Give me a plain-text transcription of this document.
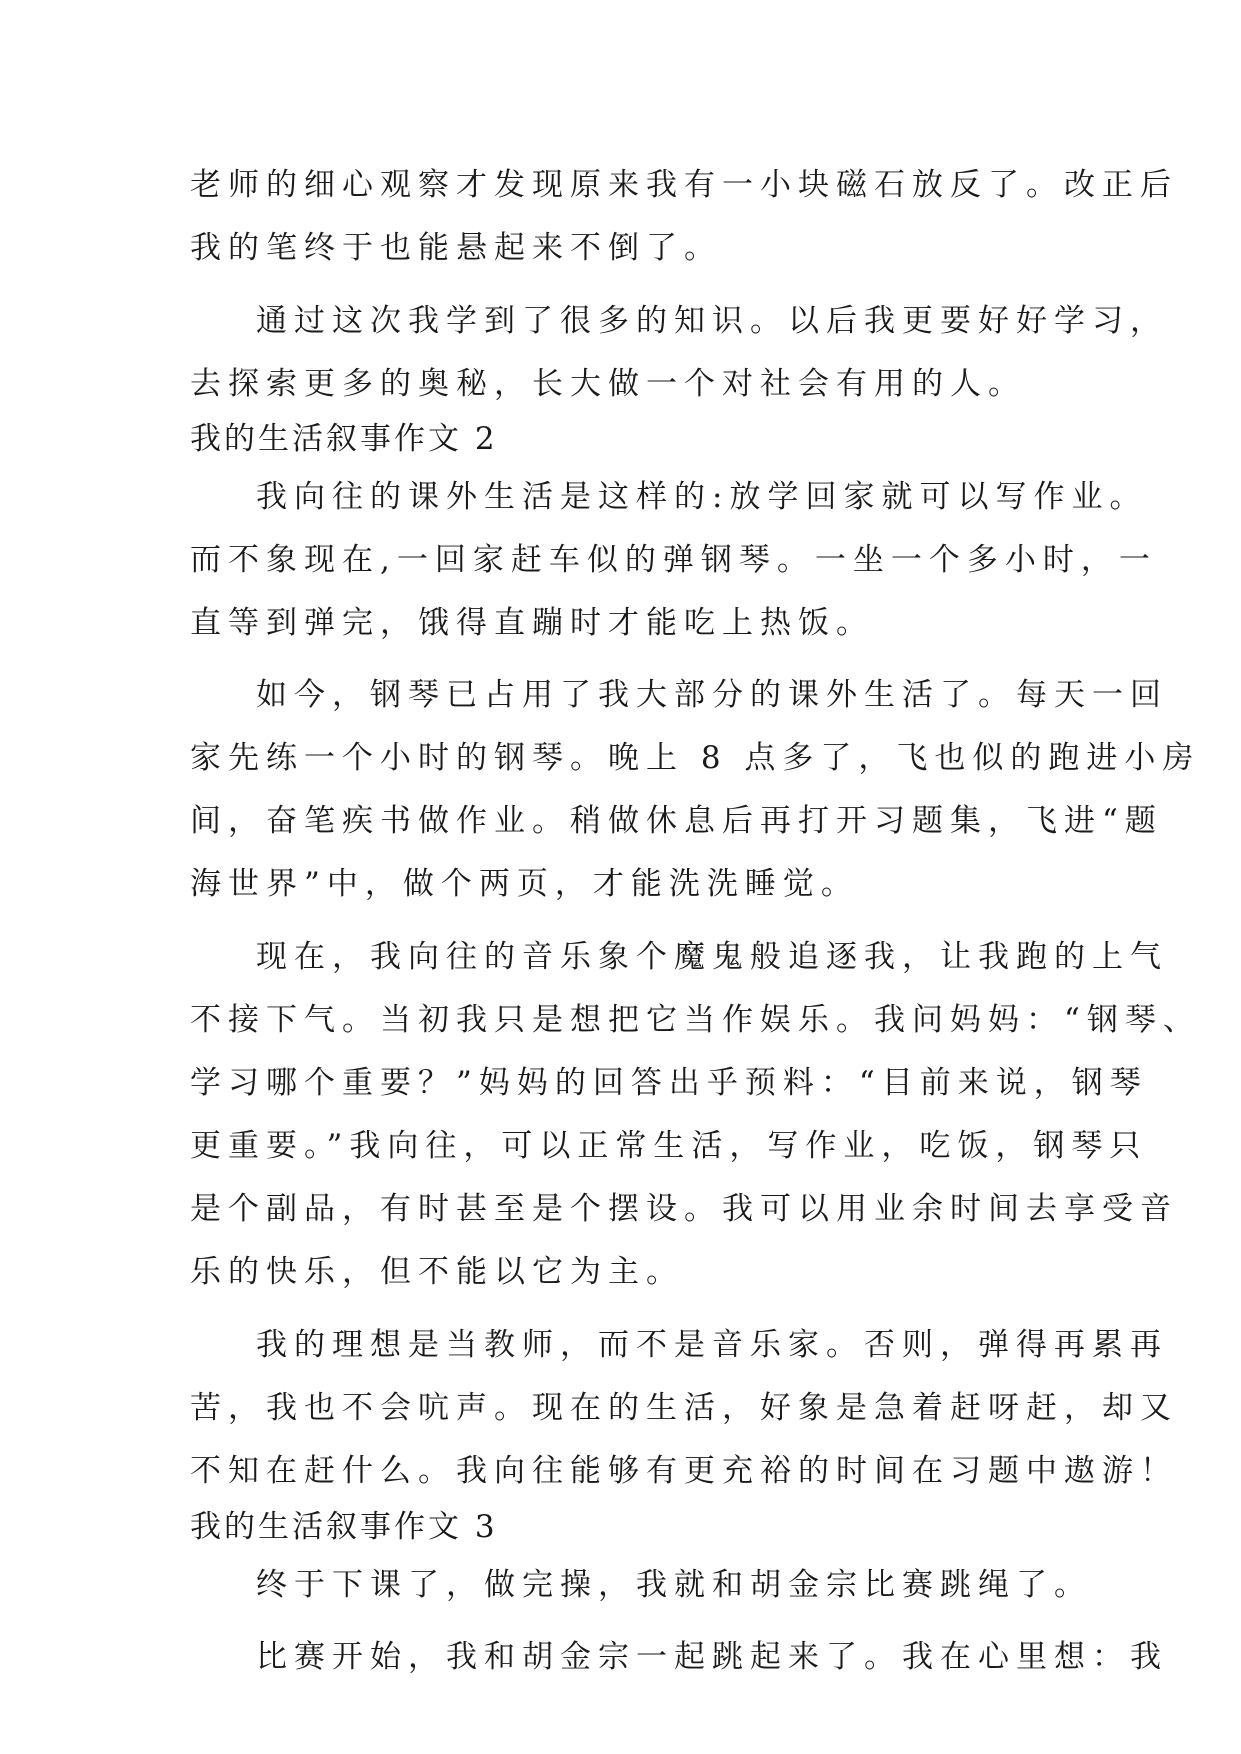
老师的细心观察才发现原来我有一小块磁石放反了。改正后
我的笔终于也能悬起来不倒了。
通过这次我学到了很多的知识。以后我更要好好学习，
去探索更多的奥秘，长大做一个对社会有用的人。
我的生活叙事作文 2
我向往的课外生活是这样的:放学回家就可以写作业。
而不象现在,一回家赶车似的弹钢琴。一坐一个多小时，一
直等到弹完，饿得直蹦时才能吃上热饭。
如今，钢琴已占用了我大部分的课外生活了。每天一回
家先练一个小时的钢琴。晚上 8 点多了，飞也似的跑进小房
间，奋笔疾书做作业。稍做休息后再打开习题集，飞进“题
海世界”中，做个两页，才能洗洗睡觉。
现在，我向往的音乐象个魔鬼般追逐我，让我跑的上气
不接下气。当初我只是想把它当作娱乐。我问妈妈：“钢琴、
学习哪个重要？”妈妈的回答出乎预料：“目前来说，钢琴
更重要。”我向往，可以正常生活，写作业，吃饭，钢琴只
是个副品，有时甚至是个摆设。我可以用业余时间去享受音
乐的快乐，但不能以它为主。
我的理想是当教师，而不是音乐家。否则，弹得再累再
苦，我也不会吭声。现在的生活，好象是急着赶呀赶，却又
不知在赶什么。我向往能够有更充裕的时间在习题中遨游！
我的生活叙事作文 3
终于下课了，做完操，我就和胡金宗比赛跳绳了。
比赛开始，我和胡金宗一起跳起来了。我在心里想：我
